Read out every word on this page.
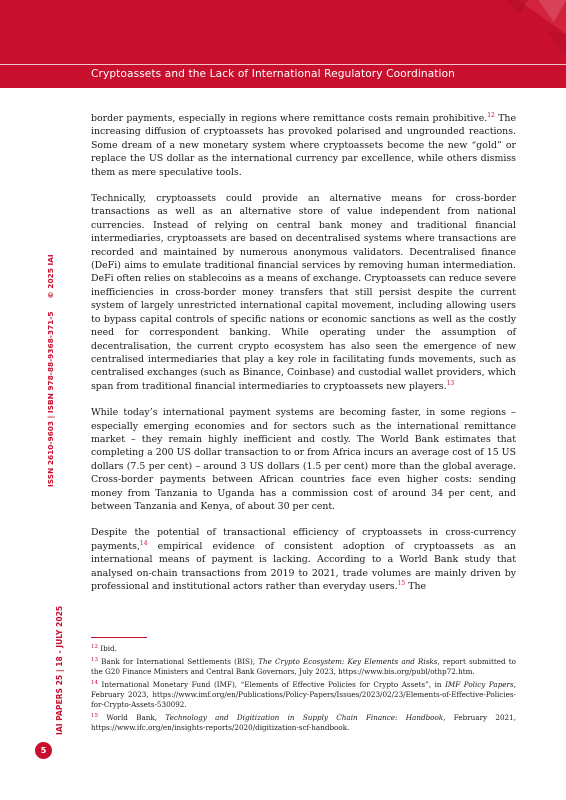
Cryptoassets and the Lack of International Regulatory Coordination
IAI PAPERS 25 | 18 - JULY 2025
ISSN 2610-9603 | ISBN 978-88-9368-371-5     © 2025 IAI
5

border payments, especially in regions where remittance costs remain prohibitive.$^{12}$ The increasing diffusion of cryptoassets has provoked polarised and ungrounded reactions. Some dream of a new monetary system where cryptoassets become the new “gold” or replace the US dollar as the international currency par excellence, while others dismiss them as mere speculative tools.

Technically, cryptoassets could provide an alternative means for cross-border transactions as well as an alternative store of value independent from national currencies. Instead of relying on central bank money and traditional financial intermediaries, cryptoassets are based on decentralised systems where transactions are recorded and maintained by numerous anonymous validators. Decentralised finance (DeFi) aims to emulate traditional financial services by removing human intermediation. DeFi often relies on stablecoins as a means of exchange. Cryptoassets can reduce severe inefficiencies in cross-border money transfers that still persist despite the current system of largely unrestricted international capital movement, including allowing users to bypass capital controls of specific nations or economic sanctions as well as the costly need for correspondent banking. While operating under the assumption of decentralisation, the current crypto ecosystem has also seen the emergence of new centralised intermediaries that play a key role in facilitating funds movements, such as centralised exchanges (such as Binance, Coinbase) and custodial wallet providers, which span from traditional financial intermediaries to cryptoassets new players.$^{13}$

While today’s international payment systems are becoming faster, in some regions – especially emerging economies and for sectors such as the international remittance market – they remain highly inefficient and costly. The World Bank estimates that completing a 200 US dollar transaction to or from Africa incurs an average cost of 15 US dollars (7.5 per cent) – around 3 US dollars (1.5 per cent) more than the global average. Cross-border payments between African countries face even higher costs: sending money from Tanzania to Uganda has a commission cost of around 34 per cent, and between Tanzania and Kenya, of about 30 per cent.

Despite the potential of transactional efficiency of cryptoassets in cross-currency payments,$^{14}$ empirical evidence of consistent adoption of cryptoassets as an international means of payment is lacking. According to a World Bank study that analysed on-chain transactions from 2019 to 2021, trade volumes are mainly driven by professional and institutional actors rather than everyday users.$^{15}$ The

$^{12}$ Ibid.
$^{13}$ Bank for International Settlements (BIS), The Crypto Ecosystem: Key Elements and Risks, report submitted to the G20 Finance Ministers and Central Bank Governors, July 2023, https://www.bis.org/publ/othp72.htm.
$^{14}$ International Monetary Fund (IMF), “Elements of Effective Policies for Crypto Assets”, in IMF Policy Papers, February 2023, https://www.imf.org/en/Publications/Policy-Papers/Issues/2023/02/23/Elements-of-Effective-Policies-for-Crypto-Assets-530092.
$^{15}$ World Bank, Technology and Digitization in Supply Chain Finance: Handbook, February 2021, https://www.ifc.org/en/insights-reports/2020/digitization-scf-handbook.
